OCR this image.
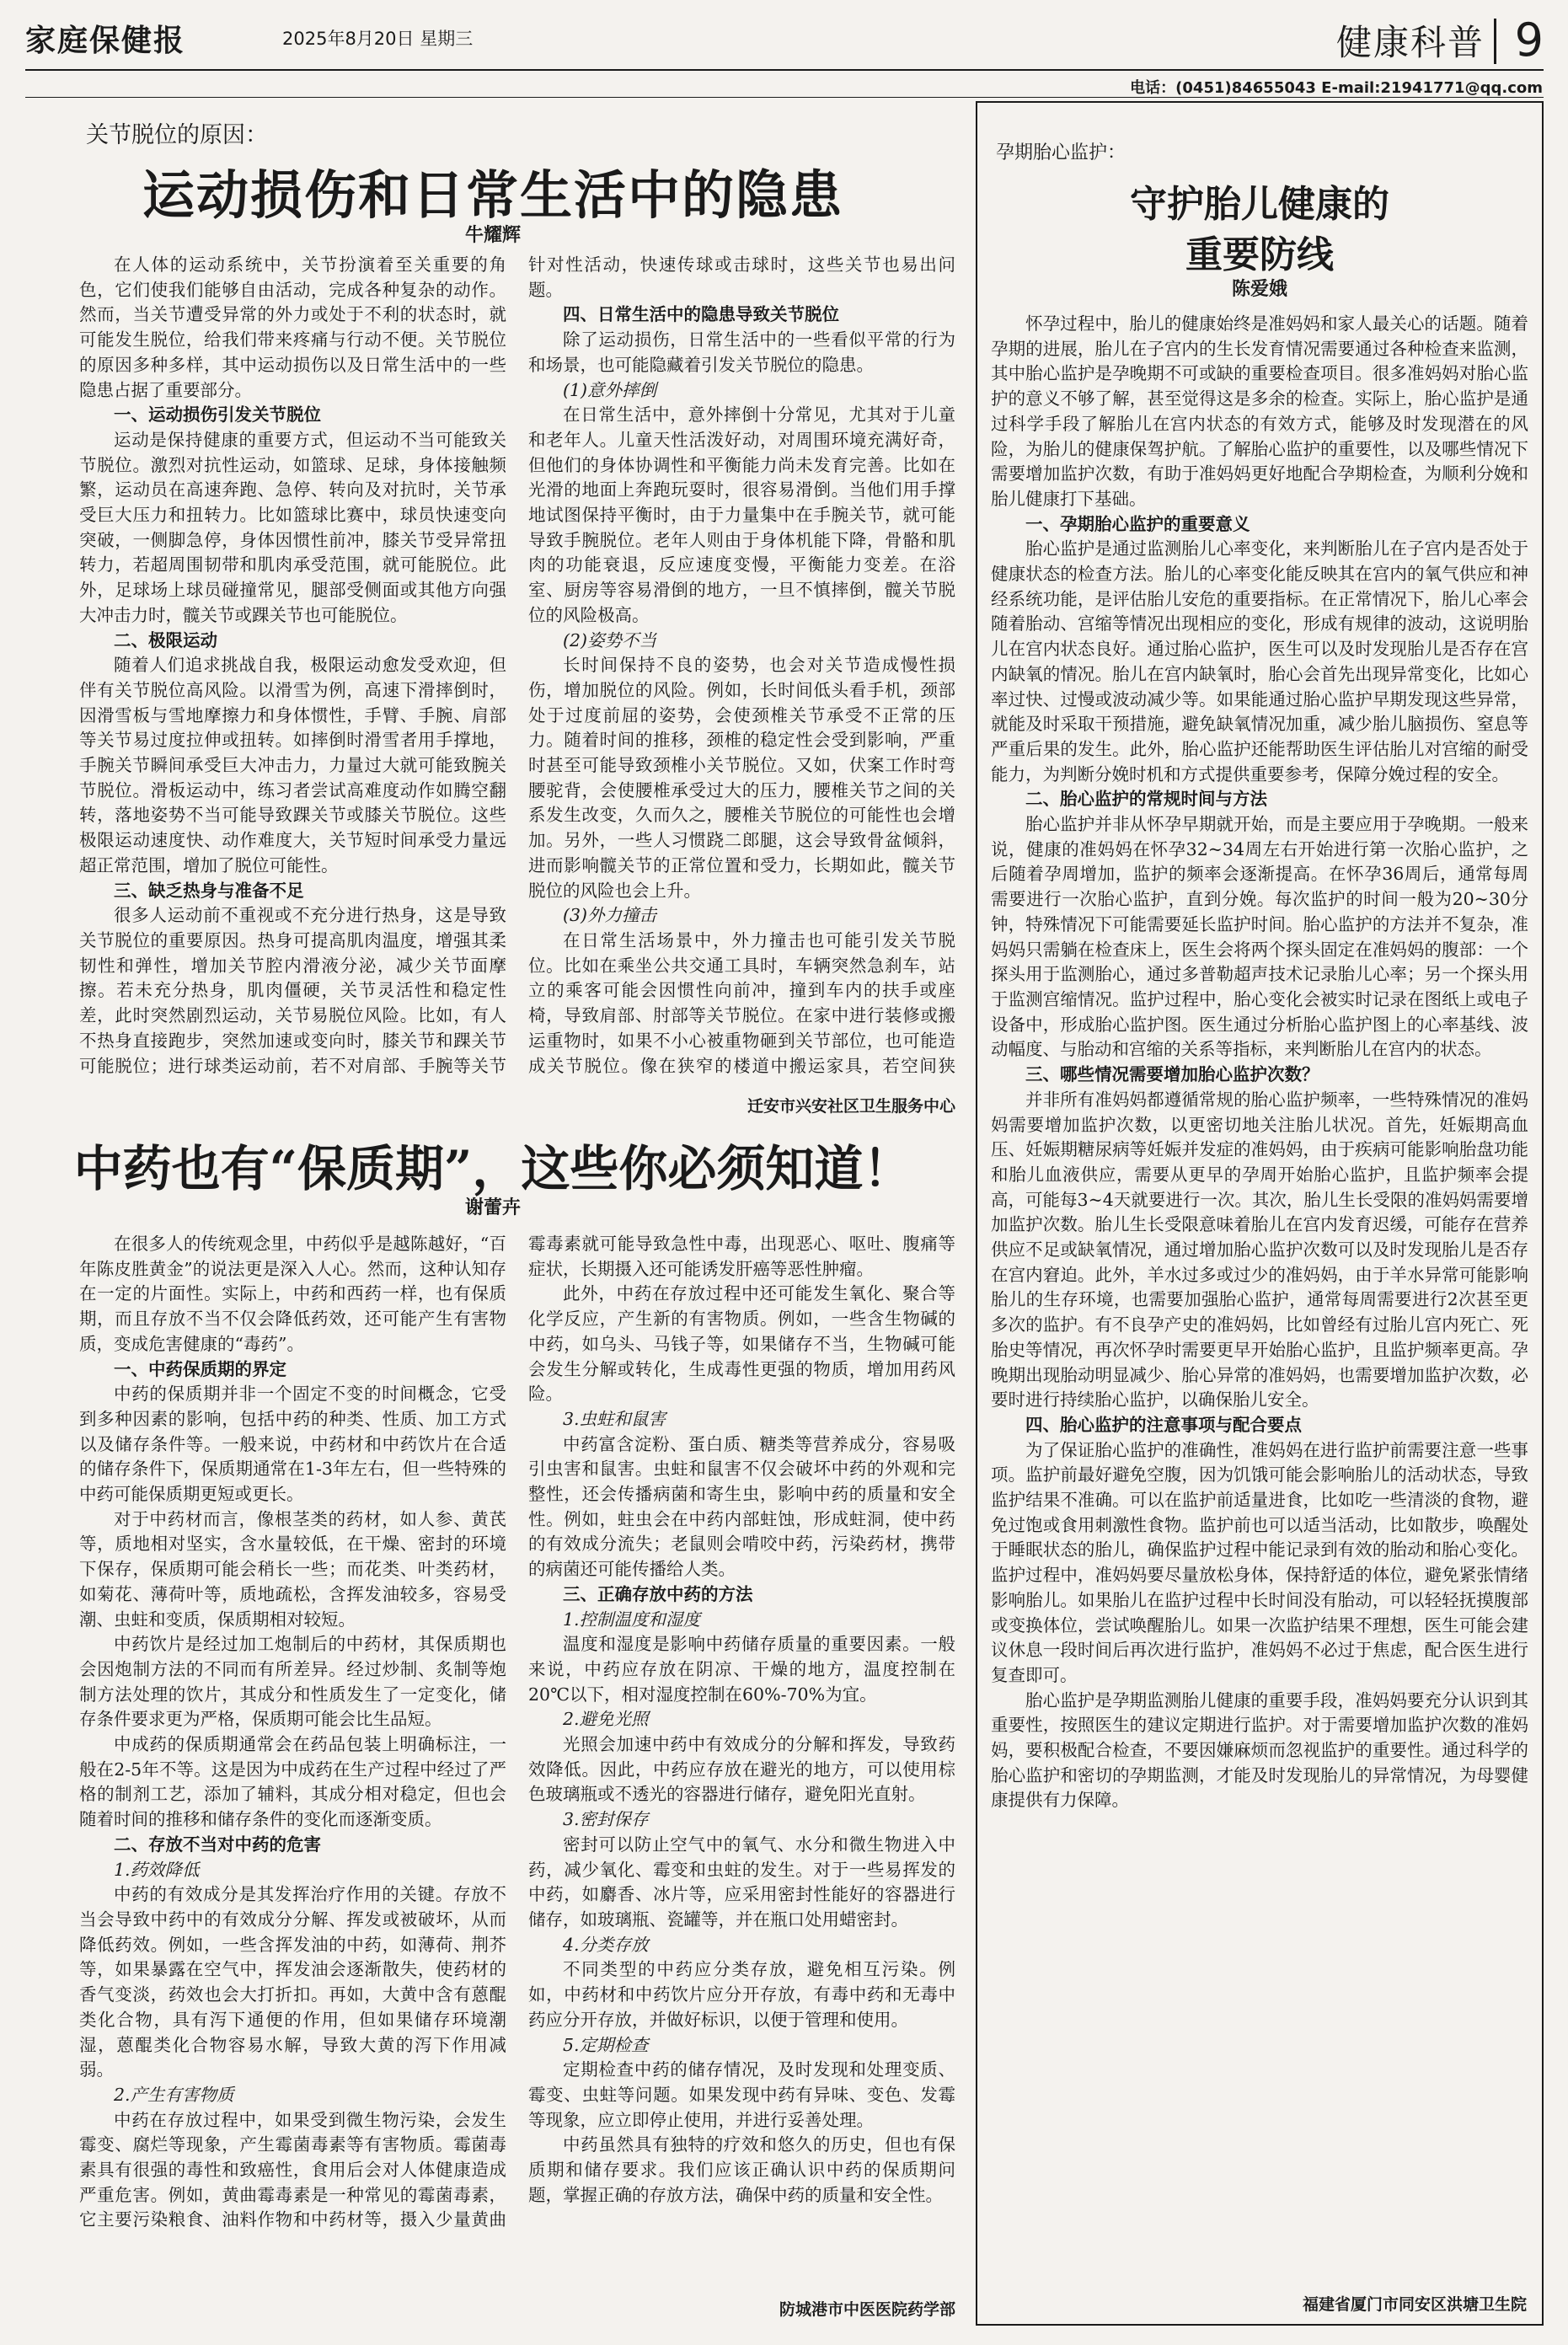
家庭保健报	2025年8月20日 星期三	健康科普 9
电话：(0451)84655043 E-mail:21941771@qq.com
关节脱位的原因：
运动损伤和日常生活中的隐患
牛耀辉

在人体的运动系统中，关节扮演着至关重要的角色，它们使我们能够自由活动，完成各种复杂的动作。然而，当关节遭受异常的外力或处于不利的状态时，就可能发生脱位，给我们带来疼痛与行动不便。关节脱位的原因多种多样，其中运动损伤以及日常生活中的一些隐患占据了重要部分。

一、运动损伤引发关节脱位

运动是保持健康的重要方式，但运动不当可能致关节脱位。激烈对抗性运动，如篮球、足球，身体接触频繁，运动员在高速奔跑、急停、转向及对抗时，关节承受巨大压力和扭转力。比如篮球比赛中，球员快速变向突破，一侧脚急停，身体因惯性前冲，膝关节受异常扭转力，若超周围韧带和肌肉承受范围，就可能脱位。此外，足球场上球员碰撞常见，腿部受侧面或其他方向强大冲击力时，髋关节或踝关节也可能脱位。

二、极限运动

随着人们追求挑战自我，极限运动愈发受欢迎，但伴有关节脱位高风险。以滑雪为例，高速下滑摔倒时，因滑雪板与雪地摩擦力和身体惯性，手臂、手腕、肩部等关节易过度拉伸或扭转。如摔倒时滑雪者用手撑地，手腕关节瞬间承受巨大冲击力，力量过大就可能致腕关节脱位。滑板运动中，练习者尝试高难度动作如腾空翻转，落地姿势不当可能导致踝关节或膝关节脱位。这些极限运动速度快、动作难度大，关节短时间承受力量远超正常范围，增加了脱位可能性。

三、缺乏热身与准备不足

很多人运动前不重视或不充分进行热身，这是导致关节脱位的重要原因。热身可提高肌肉温度，增强其柔韧性和弹性，增加关节腔内滑液分泌，减少关节面摩擦。若未充分热身，肌肉僵硬，关节灵活性和稳定性差，此时突然剧烈运动，关节易脱位风险。比如，有人不热身直接跑步，突然加速或变向时，膝关节和踝关节可能脱位；进行球类运动前，若不对肩部、手腕等关节针对性活动，快速传球或击球时，这些关节也易出问题。

四、日常生活中的隐患导致关节脱位

除了运动损伤，日常生活中的一些看似平常的行为和场景，也可能隐藏着引发关节脱位的隐患。

(1)意外摔倒

在日常生活中，意外摔倒十分常见，尤其对于儿童和老年人。儿童天性活泼好动，对周围环境充满好奇，但他们的身体协调性和平衡能力尚未发育完善。比如在光滑的地面上奔跑玩耍时，很容易滑倒。当他们用手撑地试图保持平衡时，由于力量集中在手腕关节，就可能导致手腕脱位。老年人则由于身体机能下降，骨骼和肌肉的功能衰退，反应速度变慢，平衡能力变差。在浴室、厨房等容易滑倒的地方，一旦不慎摔倒，髋关节脱位的风险极高。

(2)姿势不当

长时间保持不良的姿势，也会对关节造成慢性损伤，增加脱位的风险。例如，长时间低头看手机，颈部处于过度前屈的姿势，会使颈椎关节承受不正常的压力。随着时间的推移，颈椎的稳定性会受到影响，严重时甚至可能导致颈椎小关节脱位。又如，伏案工作时弯腰驼背，会使腰椎承受过大的压力，腰椎关节之间的关系发生改变，久而久之，腰椎关节脱位的可能性也会增加。另外，一些人习惯跷二郎腿，这会导致骨盆倾斜，进而影响髋关节的正常位置和受力，长期如此，髋关节脱位的风险也会上升。

(3)外力撞击

在日常生活场景中，外力撞击也可能引发关节脱位。比如在乘坐公共交通工具时，车辆突然急刹车，站立的乘客可能会因惯性向前冲，撞到车内的扶手或座椅，导致肩部、肘部等关节脱位。在家中进行装修或搬运重物时，如果不小心被重物砸到关节部位，也可能造成关节脱位。像在狭窄的楼道中搬运家具，若空间狭

迁安市兴安社区卫生服务中心
中药也有“保质期”，这些你必须知道！
谢蕾卉

在很多人的传统观念里，中药似乎是越陈越好，“百年陈皮胜黄金”的说法更是深入人心。然而，这种认知存在一定的片面性。实际上，中药和西药一样，也有保质期，而且存放不当不仅会降低药效，还可能产生有害物质，变成危害健康的“毒药”。

一、中药保质期的界定

中药的保质期并非一个固定不变的时间概念，它受到多种因素的影响，包括中药的种类、性质、加工方式以及储存条件等。一般来说，中药材和中药饮片在合适的储存条件下，保质期通常在1-3年左右，但一些特殊的中药可能保质期更短或更长。

对于中药材而言，像根茎类的药材，如人参、黄芪等，质地相对坚实，含水量较低，在干燥、密封的环境下保存，保质期可能会稍长一些；而花类、叶类药材，如菊花、薄荷叶等，质地疏松，含挥发油较多，容易受潮、虫蛀和变质，保质期相对较短。

中药饮片是经过加工炮制后的中药材，其保质期也会因炮制方法的不同而有所差异。经过炒制、炙制等炮制方法处理的饮片，其成分和性质发生了一定变化，储存条件要求更为严格，保质期可能会比生品短。

中成药的保质期通常会在药品包装上明确标注，一般在2-5年不等。这是因为中成药在生产过程中经过了严格的制剂工艺，添加了辅料，其成分相对稳定，但也会随着时间的推移和储存条件的变化而逐渐变质。

二、存放不当对中药的危害
1.药效降低

中药的有效成分是其发挥治疗作用的关键。存放不当会导致中药中的有效成分分解、挥发或被破坏，从而降低药效。例如，一些含挥发油的中药，如薄荷、荆芥等，如果暴露在空气中，挥发油会逐渐散失，使药材的香气变淡，药效也会大打折扣。再如，大黄中含有蒽醌类化合物，具有泻下通便的作用，但如果储存环境潮湿，蒽醌类化合物容易水解，导致大黄的泻下作用减弱。

2.产生有害物质

中药在存放过程中，如果受到微生物污染，会发生霉变、腐烂等现象，产生霉菌毒素等有害物质。霉菌毒素具有很强的毒性和致癌性，食用后会对人体健康造成严重危害。例如，黄曲霉毒素是一种常见的霉菌毒素，它主要污染粮食、油料作物和中药材等，摄入少量黄曲霉毒素就可能导致急性中毒，出现恶心、呕吐、腹痛等症状，长期摄入还可能诱发肝癌等恶性肿瘤。

此外，中药在存放过程中还可能发生氧化、聚合等化学反应，产生新的有害物质。例如，一些含生物碱的中药，如乌头、马钱子等，如果储存不当，生物碱可能会发生分解或转化，生成毒性更强的物质，增加用药风险。

3.虫蛀和鼠害

中药富含淀粉、蛋白质、糖类等营养成分，容易吸引虫害和鼠害。虫蛀和鼠害不仅会破坏中药的外观和完整性，还会传播病菌和寄生虫，影响中药的质量和安全性。例如，蛀虫会在中药内部蛀蚀，形成蛀洞，使中药的有效成分流失；老鼠则会啃咬中药，污染药材，携带的病菌还可能传播给人类。

三、正确存放中药的方法
1.控制温度和湿度

温度和湿度是影响中药储存质量的重要因素。一般来说，中药应存放在阴凉、干燥的地方，温度控制在20℃以下，相对湿度控制在60%-70%为宜。

2.避免光照

光照会加速中药中有效成分的分解和挥发，导致药效降低。因此，中药应存放在避光的地方，可以使用棕色玻璃瓶或不透光的容器进行储存，避免阳光直射。

3.密封保存

密封可以防止空气中的氧气、水分和微生物进入中药，减少氧化、霉变和虫蛀的发生。对于一些易挥发的中药，如麝香、冰片等，应采用密封性能好的容器进行储存，如玻璃瓶、瓷罐等，并在瓶口处用蜡密封。

4.分类存放

不同类型的中药应分类存放，避免相互污染。例如，中药材和中药饮片应分开存放，有毒中药和无毒中药应分开存放，并做好标识，以便于管理和使用。

5.定期检查

定期检查中药的储存情况，及时发现和处理变质、霉变、虫蛀等问题。如果发现中药有异味、变色、发霉等现象，应立即停止使用，并进行妥善处理。

中药虽然具有独特的疗效和悠久的历史，但也有保质期和储存要求。我们应该正确认识中药的保质期问题，掌握正确的存放方法，确保中药的质量和安全性。

防城港市中医医院药学部
孕期胎心监护：
守护胎儿健康的
重要防线
陈爱娥

怀孕过程中，胎儿的健康始终是准妈妈和家人最关心的话题。随着孕期的进展，胎儿在子宫内的生长发育情况需要通过各种检查来监测，其中胎心监护是孕晚期不可或缺的重要检查项目。很多准妈妈对胎心监护的意义不够了解，甚至觉得这是多余的检查。实际上，胎心监护是通过科学手段了解胎儿在宫内状态的有效方式，能够及时发现潜在的风险，为胎儿的健康保驾护航。了解胎心监护的重要性，以及哪些情况下需要增加监护次数，有助于准妈妈更好地配合孕期检查，为顺利分娩和胎儿健康打下基础。

一、孕期胎心监护的重要意义

胎心监护是通过监测胎儿心率变化，来判断胎儿在子宫内是否处于健康状态的检查方法。胎儿的心率变化能反映其在宫内的氧气供应和神经系统功能，是评估胎儿安危的重要指标。在正常情况下，胎儿心率会随着胎动、宫缩等情况出现相应的变化，形成有规律的波动，这说明胎儿在宫内状态良好。通过胎心监护，医生可以及时发现胎儿是否存在宫内缺氧的情况。胎儿在宫内缺氧时，胎心会首先出现异常变化，比如心率过快、过慢或波动减少等。如果能通过胎心监护早期发现这些异常，就能及时采取干预措施，避免缺氧情况加重，减少胎儿脑损伤、窒息等严重后果的发生。此外，胎心监护还能帮助医生评估胎儿对宫缩的耐受能力，为判断分娩时机和方式提供重要参考，保障分娩过程的安全。

二、胎心监护的常规时间与方法

胎心监护并非从怀孕早期就开始，而是主要应用于孕晚期。一般来说，健康的准妈妈在怀孕32~34周左右开始进行第一次胎心监护，之后随着孕周增加，监护的频率会逐渐提高。在怀孕36周后，通常每周需要进行一次胎心监护，直到分娩。每次监护的时间一般为20~30分钟，特殊情况下可能需要延长监护时间。胎心监护的方法并不复杂，准妈妈只需躺在检查床上，医生会将两个探头固定在准妈妈的腹部：一个探头用于监测胎心，通过多普勒超声技术记录胎儿心率；另一个探头用于监测宫缩情况。监护过程中，胎心变化会被实时记录在图纸上或电子设备中，形成胎心监护图。医生通过分析胎心监护图上的心率基线、波动幅度、与胎动和宫缩的关系等指标，来判断胎儿在宫内的状态。

三、哪些情况需要增加胎心监护次数？

并非所有准妈妈都遵循常规的胎心监护频率，一些特殊情况的准妈妈需要增加监护次数，以更密切地关注胎儿状况。首先，妊娠期高血压、妊娠期糖尿病等妊娠并发症的准妈妈，由于疾病可能影响胎盘功能和胎儿血液供应，需要从更早的孕周开始胎心监护，且监护频率会提高，可能每3~4天就要进行一次。其次，胎儿生长受限的准妈妈需要增加监护次数。胎儿生长受限意味着胎儿在宫内发育迟缓，可能存在营养供应不足或缺氧情况，通过增加胎心监护次数可以及时发现胎儿是否存在宫内窘迫。此外，羊水过多或过少的准妈妈，由于羊水异常可能影响胎儿的生存环境，也需要加强胎心监护，通常每周需要进行2次甚至更多次的监护。有不良孕产史的准妈妈，比如曾经有过胎儿宫内死亡、死胎史等情况，再次怀孕时需要更早开始胎心监护，且监护频率更高。孕晚期出现胎动明显减少、胎心异常的准妈妈，也需要增加监护次数，必要时进行持续胎心监护，以确保胎儿安全。

四、胎心监护的注意事项与配合要点

为了保证胎心监护的准确性，准妈妈在进行监护前需要注意一些事项。监护前最好避免空腹，因为饥饿可能会影响胎儿的活动状态，导致监护结果不准确。可以在监护前适量进食，比如吃一些清淡的食物，避免过饱或食用刺激性食物。监护前也可以适当活动，比如散步，唤醒处于睡眠状态的胎儿，确保监护过程中能记录到有效的胎动和胎心变化。监护过程中，准妈妈要尽量放松身体，保持舒适的体位，避免紧张情绪影响胎儿。如果胎儿在监护过程中长时间没有胎动，可以轻轻抚摸腹部或变换体位，尝试唤醒胎儿。如果一次监护结果不理想，医生可能会建议休息一段时间后再次进行监护，准妈妈不必过于焦虑，配合医生进行复查即可。

胎心监护是孕期监测胎儿健康的重要手段，准妈妈要充分认识到其重要性，按照医生的建议定期进行监护。对于需要增加监护次数的准妈妈，要积极配合检查，不要因嫌麻烦而忽视监护的重要性。通过科学的胎心监护和密切的孕期监测，才能及时发现胎儿的异常情况，为母婴健康提供有力保障。

福建省厦门市同安区洪塘卫生院
